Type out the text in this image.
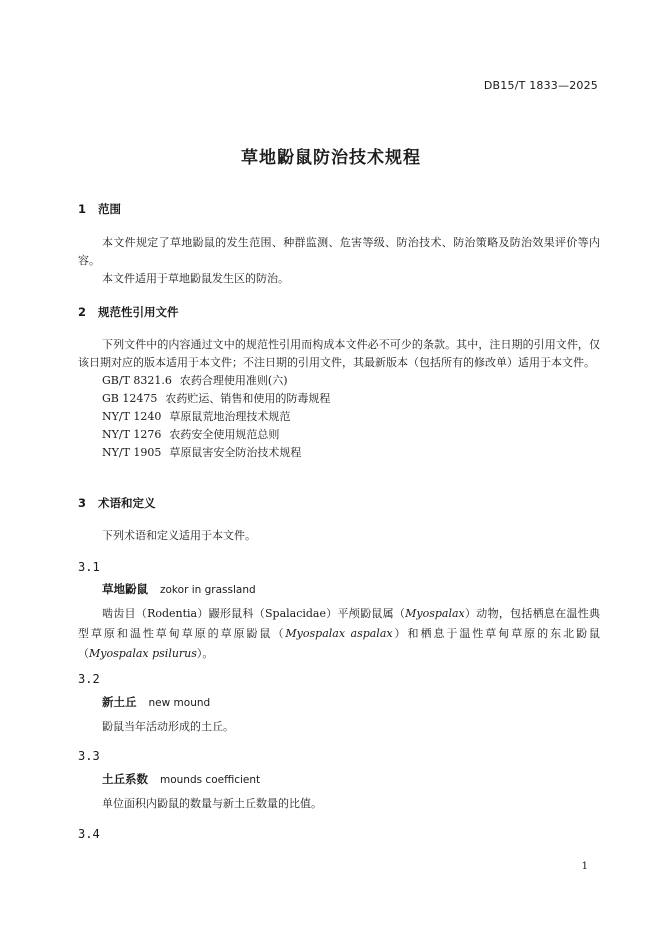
DB15/T 1833—2025
草地鼢鼠防治技术规程
1 范围

本文件规定了草地鼢鼠的发生范围、种群监测、危害等级、防治技术、防治策略及防治效果评价等内容。

本文件适用于草地鼢鼠发生区的防治。

2 规范性引用文件

下列文件中的内容通过文中的规范性引用而构成本文件必不可少的条款。其中，注日期的引用文件，仅该日期对应的版本适用于本文件；不注日期的引用文件，其最新版本（包括所有的修改单）适用于本文件。

GB/T 8321.6 农药合理使用准则(六)

GB 12475 农药贮运、销售和使用的防毒规程

NY/T 1240 草原鼠荒地治理技术规范

NY/T 1276 农药安全使用规范总则

NY/T 1905 草原鼠害安全防治技术规程

3 术语和定义

下列术语和定义适用于本文件。

3.1
草地鼢鼠 zokor in grassland

啮齿目（Rodentia）鼹形鼠科（Spalacidae）平颅鼢鼠属（Myospalax）动物，包括栖息在温性典型草原和温性草甸草原的草原鼢鼠（Myospalax aspalax）和栖息于温性草甸草原的东北鼢鼠（Myospalax psilurus）。

3.2
新土丘 new mound

鼢鼠当年活动形成的土丘。

3.3
土丘系数 mounds coefficient

单位面积内鼢鼠的数量与新土丘数量的比值。

3.4
1
